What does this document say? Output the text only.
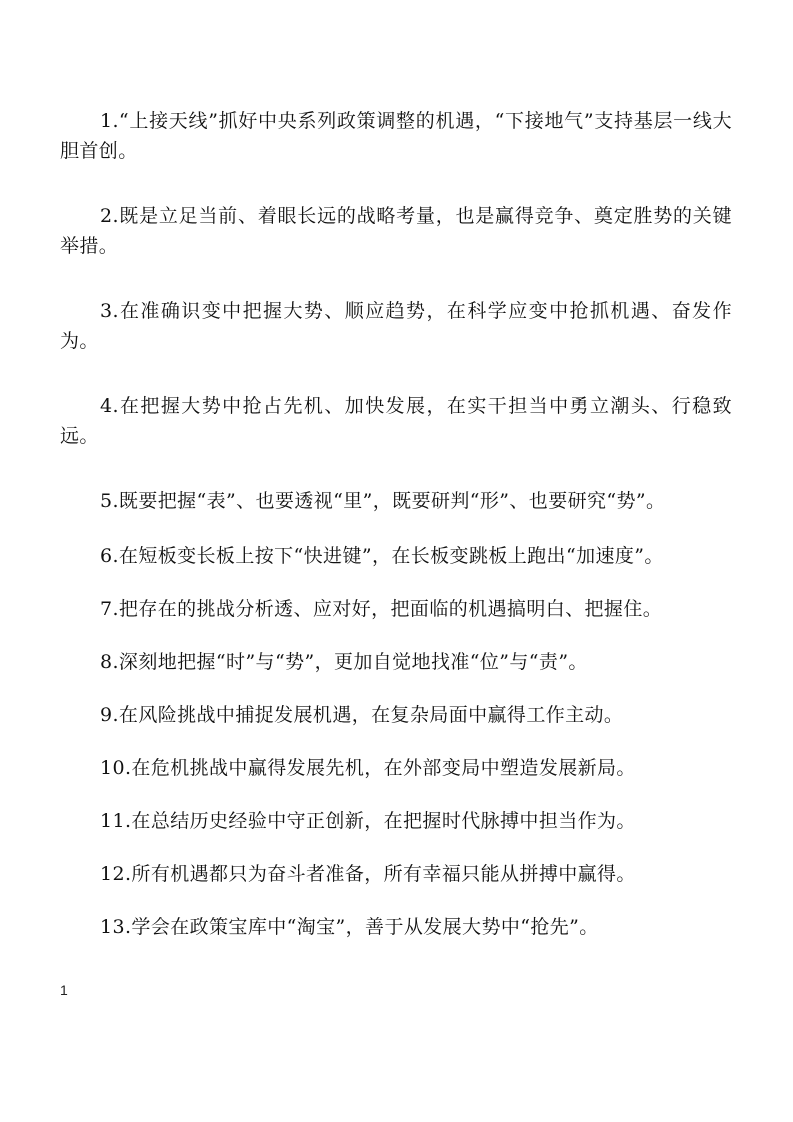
1.“上接天线”抓好中央系列政策调整的机遇，“下接地气”支持基层一线大胆首创。

2.既是立足当前、着眼长远的战略考量，也是赢得竞争、奠定胜势的关键举措。

3.在准确识变中把握大势、顺应趋势，在科学应变中抢抓机遇、奋发作为。

4.在把握大势中抢占先机、加快发展，在实干担当中勇立潮头、行稳致远。

5.既要把握“表”、也要透视“里”，既要研判“形”、也要研究“势”。

6.在短板变长板上按下“快进键”，在长板变跳板上跑出“加速度”。

7.把存在的挑战分析透、应对好，把面临的机遇搞明白、把握住。

8.深刻地把握“时”与“势”，更加自觉地找准“位”与“责”。

9.在风险挑战中捕捉发展机遇，在复杂局面中赢得工作主动。

10.在危机挑战中赢得发展先机，在外部变局中塑造发展新局。

11.在总结历史经验中守正创新，在把握时代脉搏中担当作为。

12.所有机遇都只为奋斗者准备，所有幸福只能从拼搏中赢得。

13.学会在政策宝库中“淘宝”，善于从发展大势中“抢先”。

1
